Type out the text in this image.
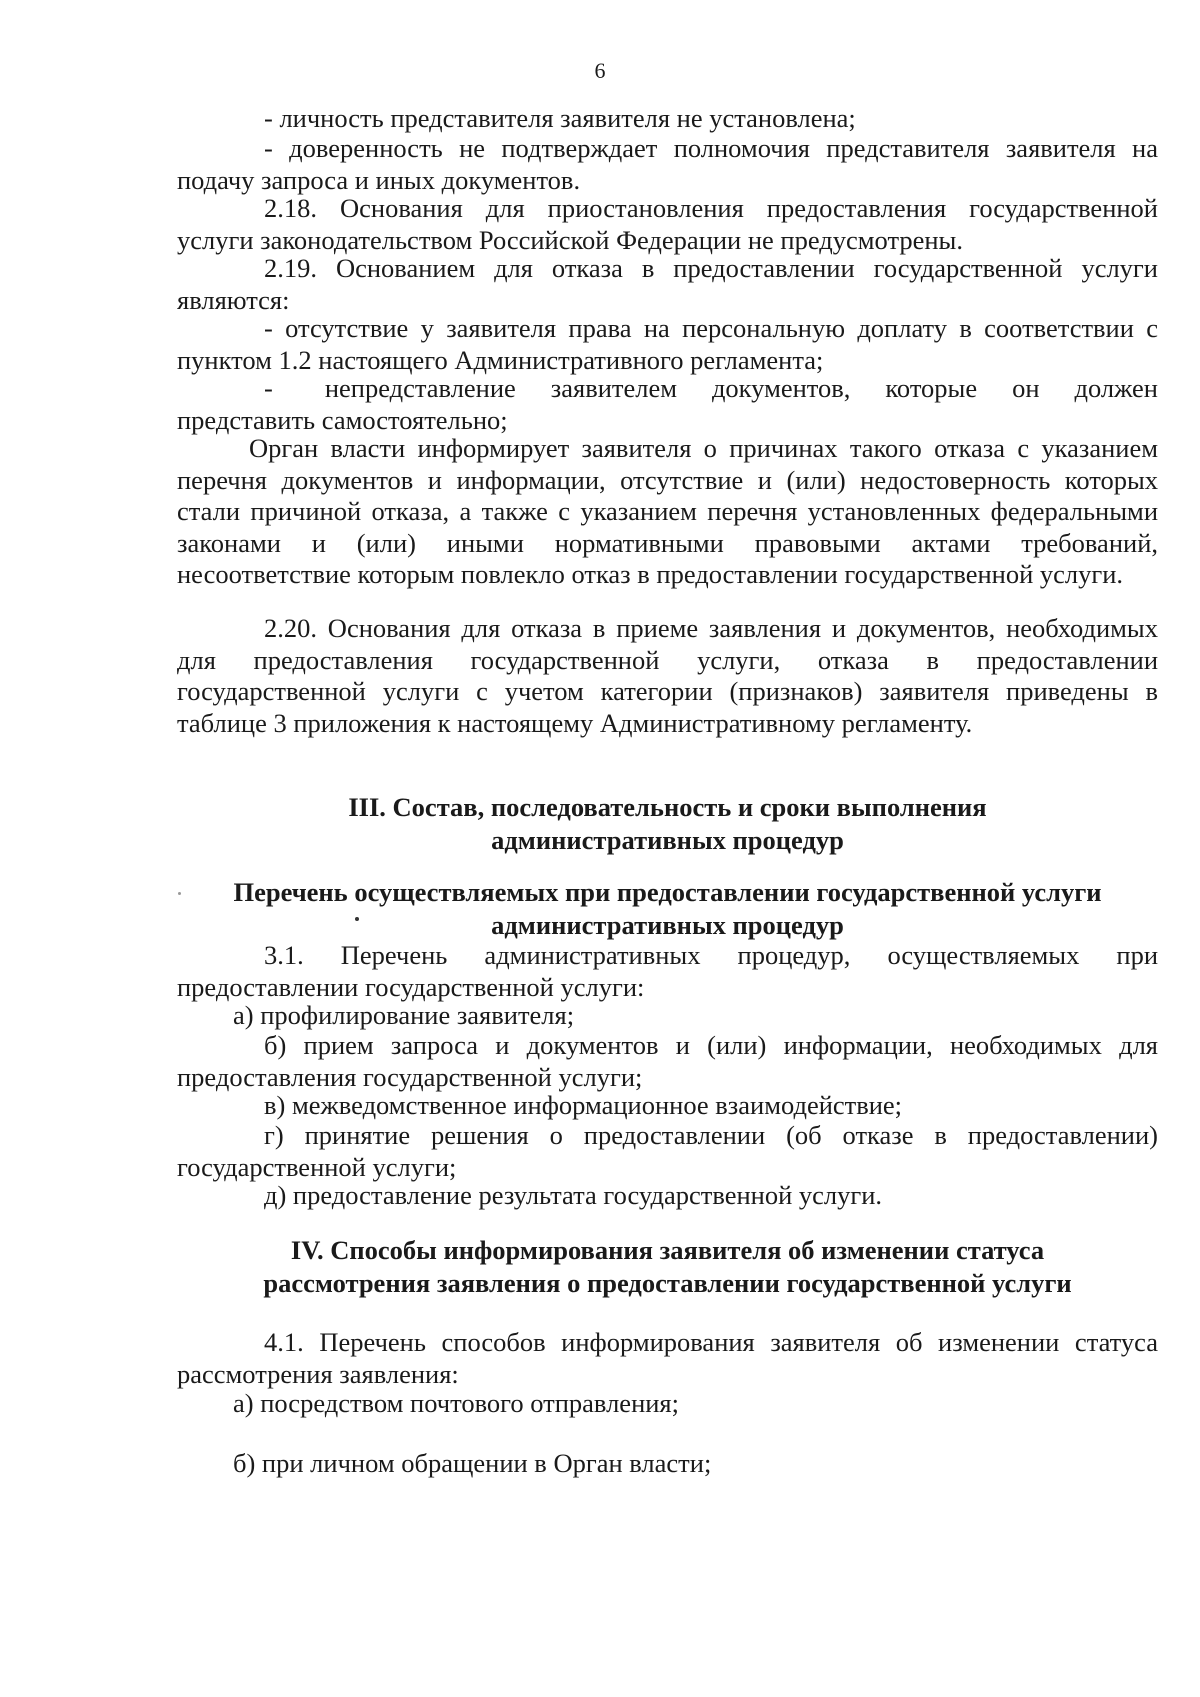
6
- личность представителя заявителя не установлена;
- доверенность не подтверждает полномочия представителя заявителя на подачу запроса и иных документов.
2.18. Основания для приостановления предоставления государственной услуги законодательством Российской Федерации не предусмотрены.
2.19. Основанием для отказа в предоставлении государственной услуги являются:
- отсутствие у заявителя права на персональную доплату в соответствии с пунктом 1.2 настоящего Административного регламента;
- непредставление заявителем документов, которые он должен представить самостоятельно;
Орган власти информирует заявителя о причинах такого отказа с указанием перечня документов и информации, отсутствие и (или) недостоверность которых стали причиной отказа, а также с указанием перечня установленных федеральными законами и (или) иными нормативными правовыми актами требований, несоответствие которым повлекло отказ в предоставлении государственной услуги.
2.20. Основания для отказа в приеме заявления и документов, необходимых для предоставления государственной услуги, отказа в предоставлении государственной услуги с учетом категории (признаков) заявителя приведены в таблице 3 приложения к настоящему Административному регламенту.
III. Состав, последовательность и сроки выполнения
административных процедур
Перечень осуществляемых при предоставлении государственной услуги
административных процедур
3.1. Перечень административных процедур, осуществляемых при предоставлении государственной услуги:
а) профилирование заявителя;
б) прием запроса и документов и (или) информации, необходимых для предоставления государственной услуги;
в) межведомственное информационное взаимодействие;
г) принятие решения о предоставлении (об отказе в предоставлении) государственной услуги;
д) предоставление результата государственной услуги.
IV. Способы информирования заявителя об изменении статуса
рассмотрения заявления о предоставлении государственной услуги
4.1. Перечень способов информирования заявителя об изменении статуса рассмотрения заявления:
а) посредством почтового отправления;
б) при личном обращении в Орган власти;
